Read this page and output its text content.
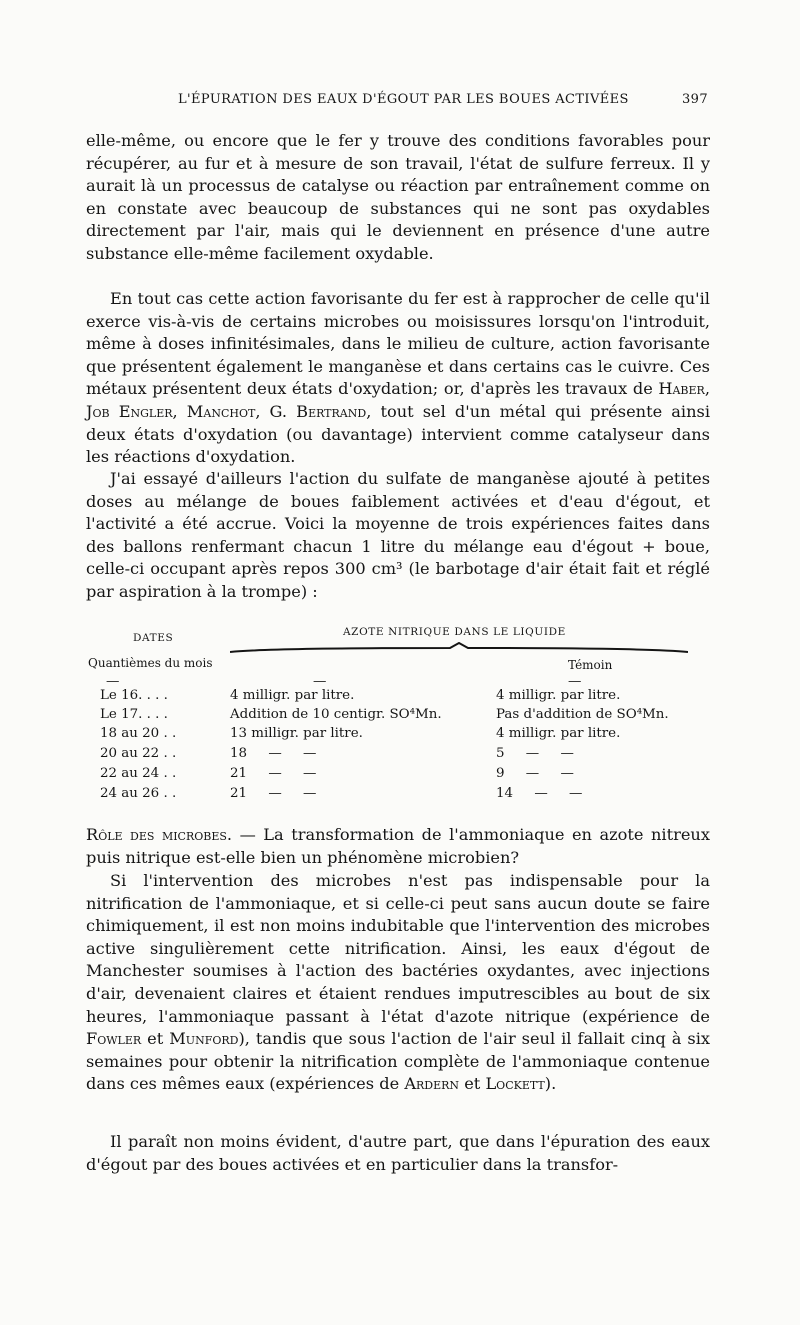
L'ÉPURATION DES EAUX D'ÉGOUT PAR LES BOUES ACTIVÉES	397

elle-même, ou encore que le fer y trouve des conditions favorables pour récupérer, au fur et à mesure de son travail, l'état de sulfure ferreux. Il y aurait là un processus de catalyse ou réaction par entraînement comme on en constate avec beaucoup de substances qui ne sont pas oxydables directement par l'air, mais qui le deviennent en présence d'une autre substance elle-même facilement oxydable.

En tout cas cette action favorisante du fer est à rapprocher de celle qu'il exerce vis-à-vis de certains microbes ou moisissures lorsqu'on l'introduit, même à doses infinitésimales, dans le milieu de culture, action favorisante que présentent également le manganèse et dans certains cas le cuivre. Ces métaux présentent deux états d'oxydation; or, d'après les travaux de Haber, Job Engler, Manchot, G. Bertrand, tout sel d'un métal qui présente ainsi deux états d'oxydation (ou davantage) intervient comme catalyseur dans les réactions d'oxydation.

J'ai essayé d'ailleurs l'action du sulfate de manganèse ajouté à petites doses au mélange de boues faiblement activées et d'eau d'égout, et l'activité a été accrue. Voici la moyenne de trois expériences faites dans des ballons renfermant chacun 1 litre du mélange eau d'égout + boue, celle-ci occupant après repos 300 cm³ (le barbotage d'air était fait et réglé par aspiration à la trompe) :

DATES
Quantièmes du mois
AZOTE NITRIQUE DANS LE LIQUIDE
Témoin
—	—	—
Le 16. . . .	4 milligr. par litre.	4 milligr. par litre.
Le 17. . . .	Addition de 10 centigr. SO⁴Mn.	Pas d'addition de SO⁴Mn.
18 au 20 . .	13 milligr. par litre.	4 milligr. par litre.
20 au 22 . .	18     —     —	5     —     —
22 au 24 . .	21     —     —	9     —     —
24 au 26 . .	21     —     —	14     —     —

Rôle des microbes. — La transformation de l'ammoniaque en azote nitreux puis nitrique est-elle bien un phénomène microbien?

Si l'intervention des microbes n'est pas indispensable pour la nitrification de l'ammoniaque, et si celle-ci peut sans aucun doute se faire chimiquement, il est non moins indubitable que l'intervention des microbes active singulièrement cette nitrification. Ainsi, les eaux d'égout de Manchester soumises à l'action des bactéries oxydantes, avec injections d'air, devenaient claires et étaient rendues imputrescibles au bout de six heures, l'ammoniaque passant à l'état d'azote nitrique (expérience de Fowler et Munford), tandis que sous l'action de l'air seul il fallait cinq à six semaines pour obtenir la nitrification complète de l'ammoniaque contenue dans ces mêmes eaux (expériences de Ardern et Lockett).

Il paraît non moins évident, d'autre part, que dans l'épuration des eaux d'égout par des boues activées et en particulier dans la transfor-
